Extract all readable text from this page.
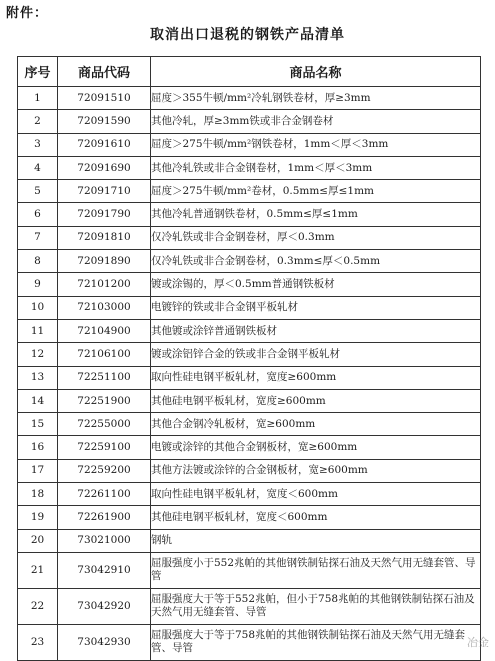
附件：
取消出口退税的钢铁产品清单
序号	商品代码	商品名称
1	72091510	屈度＞355牛顿/mm²冷轧钢铁卷材，厚≥3mm
2	72091590	其他冷轧，厚≥3mm铁或非合金钢卷材
3	72091610	屈度＞275牛顿/mm²钢铁卷材，1mm＜厚＜3mm
4	72091690	其他冷轧铁或非合金钢卷材，1mm＜厚＜3mm
5	72091710	屈度＞275牛顿/mm²卷材，0.5mm≤厚≤1mm
6	72091790	其他冷轧普通钢铁卷材，0.5mm≤厚≤1mm
7	72091810	仅冷轧铁或非合金钢卷材，厚＜0.3mm
8	72091890	仅冷轧铁或非合金钢卷材，0.3mm≤厚＜0.5mm
9	72101200	镀或涂锡的，厚＜0.5mm普通钢铁板材
10	72103000	电镀锌的铁或非合金钢平板轧材
11	72104900	其他镀或涂锌普通钢铁板材
12	72106100	镀或涂铝锌合金的铁或非合金钢平板轧材
13	72251100	取向性硅电钢平板轧材，宽度≥600mm
14	72251900	其他硅电钢平板轧材，宽度≥600mm
15	72255000	其他合金钢冷轧板材，宽≥600mm
16	72259100	电镀或涂锌的其他合金钢板材，宽≥600mm
17	72259200	其他方法镀或涂锌的合金钢板材，宽≥600mm
18	72261100	取向性硅电钢平板轧材，宽度＜600mm
19	72261900	其他硅电钢平板轧材，宽度＜600mm
20	73021000	钢轨
21	73042910	屈服强度小于552兆帕的其他钢铁制钻探石油及天然气用无缝套管、导管
22	73042920	屈服强度大于等于552兆帕，但小于758兆帕的其他钢铁制钻探石油及天然气用无缝套管、导管
23	73042930	屈服强度大于等于758兆帕的其他钢铁制钻探石油及天然气用无缝套管、导管	冶金
